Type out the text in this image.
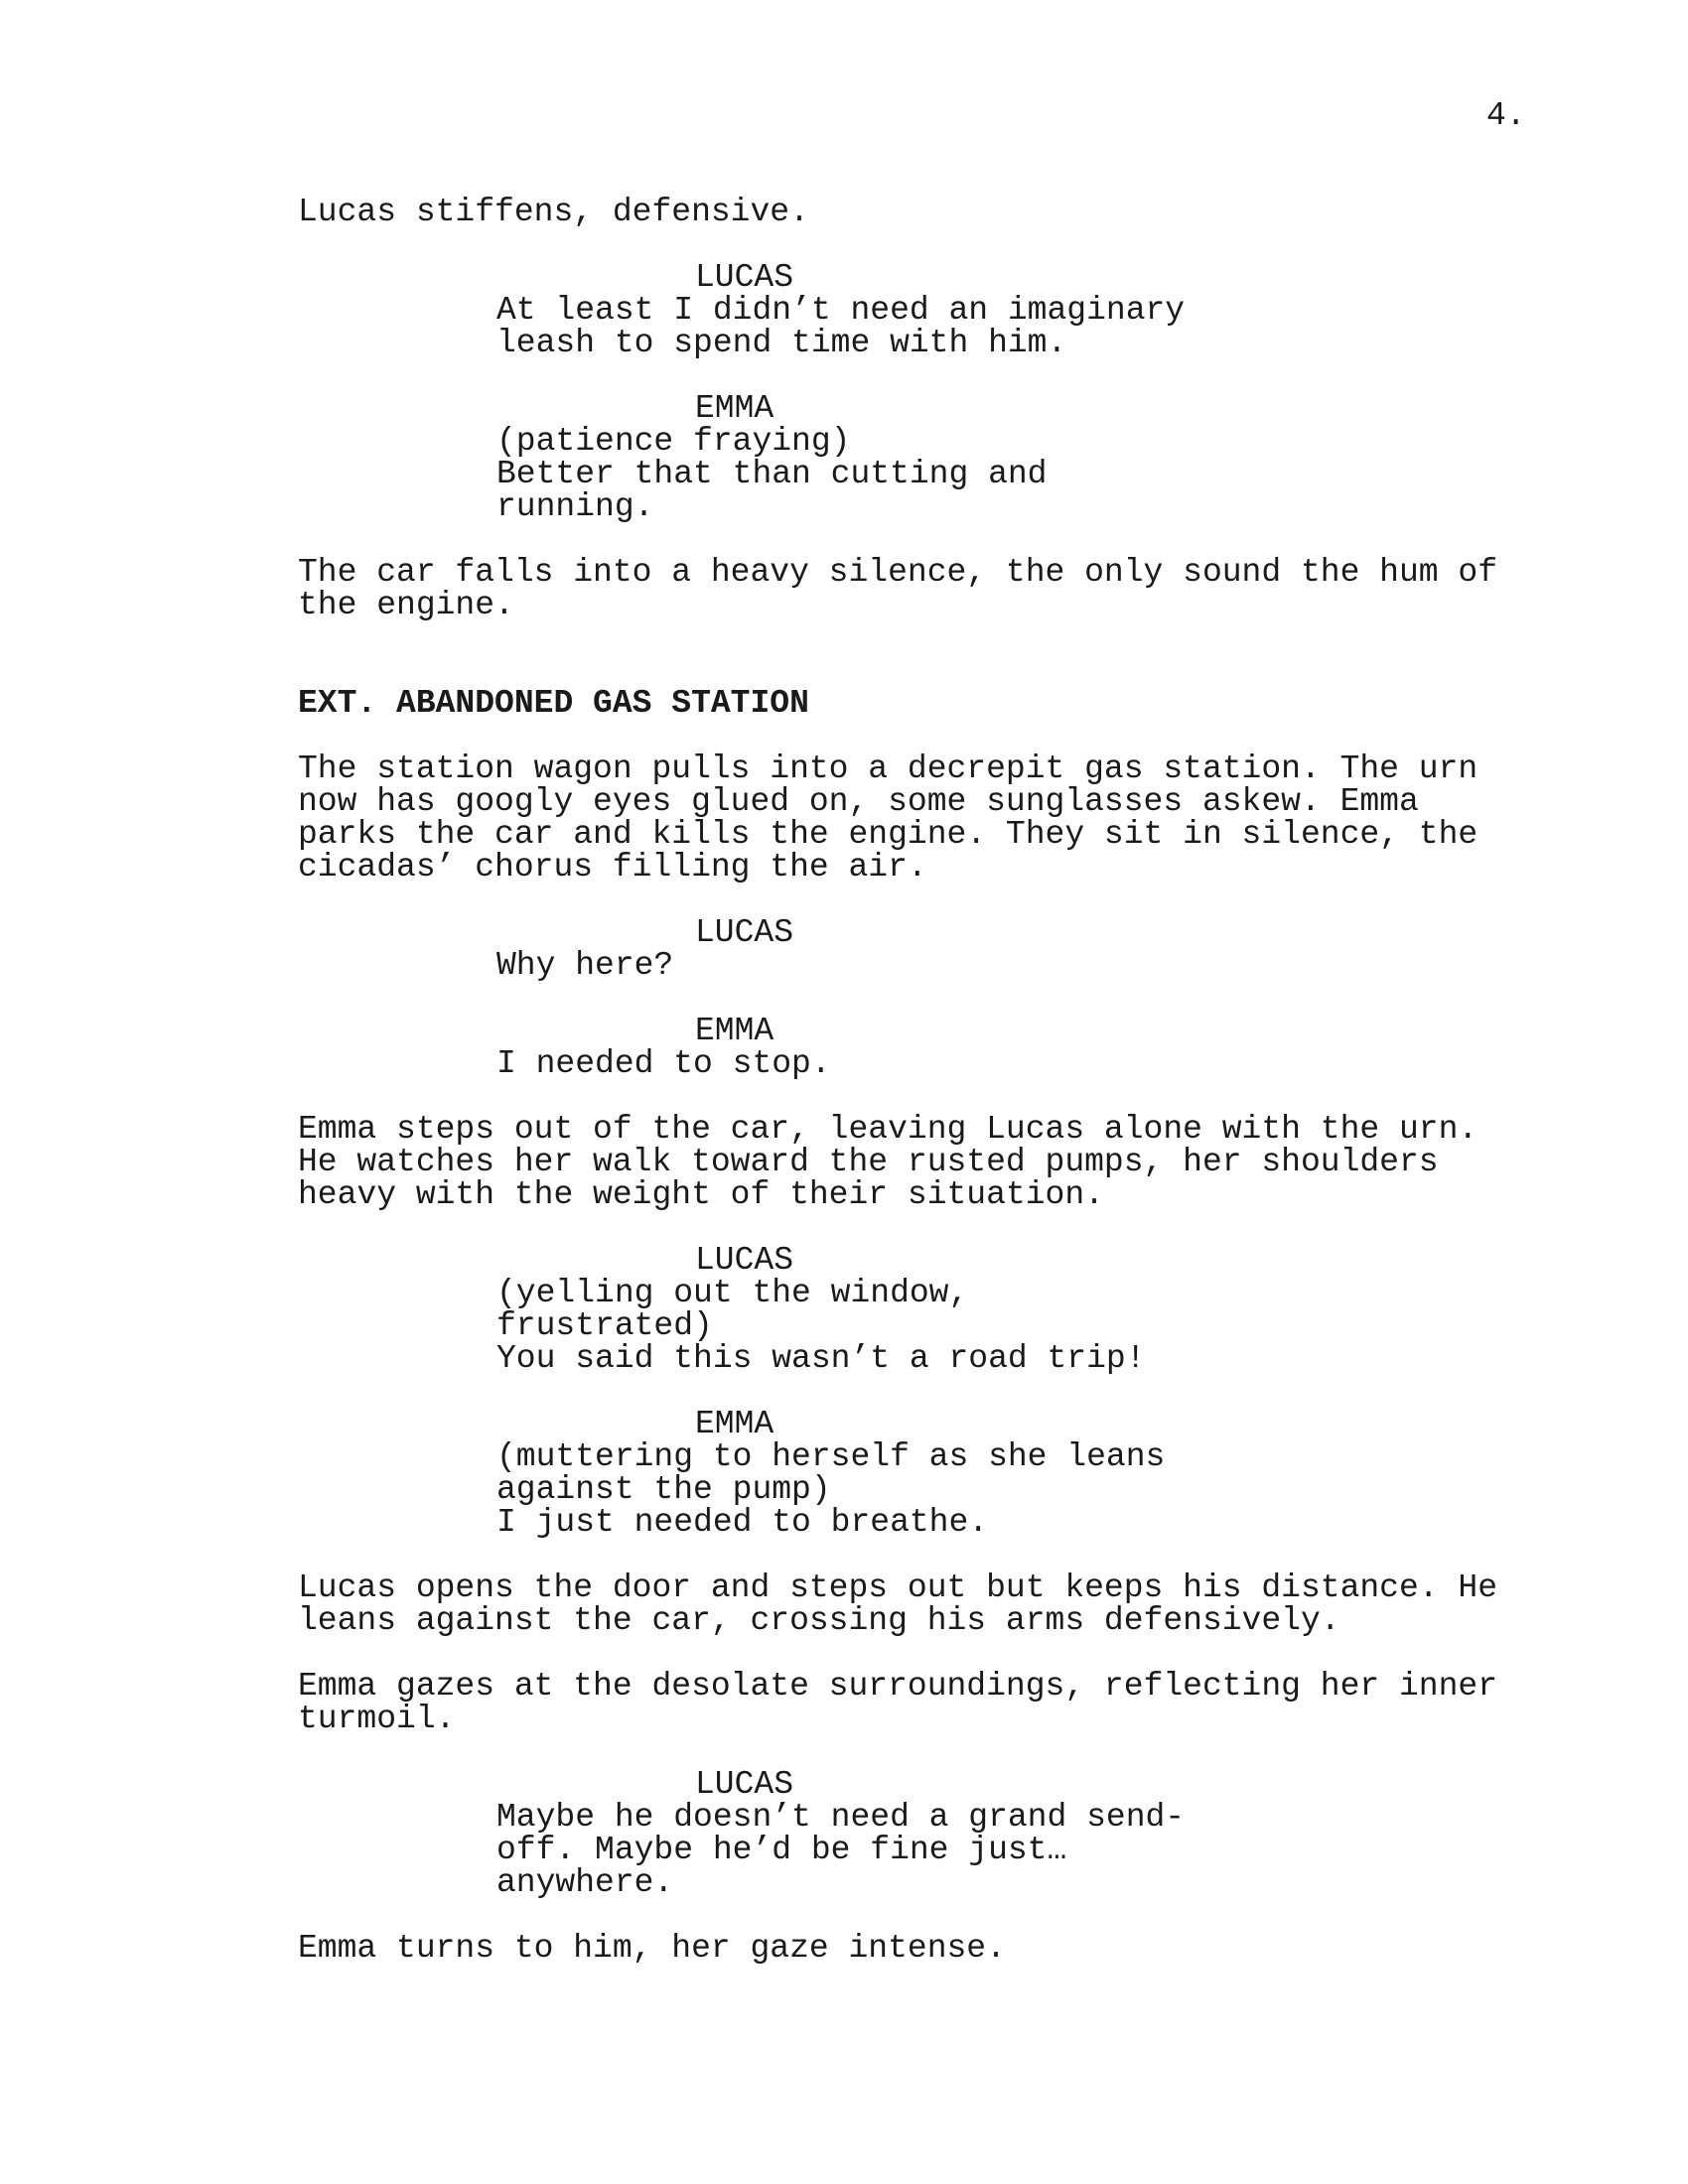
4.
Lucas stiffens, defensive.
LUCAS
At least I didn’t need an imaginary
leash to spend time with him.
EMMA
(patience fraying)
Better that than cutting and
running.
The car falls into a heavy silence, the only sound the hum of
the engine.
EXT. ABANDONED GAS STATION
The station wagon pulls into a decrepit gas station. The urn
now has googly eyes glued on, some sunglasses askew. Emma
parks the car and kills the engine. They sit in silence, the
cicadas’ chorus filling the air.
LUCAS
Why here?
EMMA
I needed to stop.
Emma steps out of the car, leaving Lucas alone with the urn.
He watches her walk toward the rusted pumps, her shoulders
heavy with the weight of their situation.
LUCAS
(yelling out the window,
frustrated)
You said this wasn’t a road trip!
EMMA
(muttering to herself as she leans
against the pump)
I just needed to breathe.
Lucas opens the door and steps out but keeps his distance. He
leans against the car, crossing his arms defensively.
Emma gazes at the desolate surroundings, reflecting her inner
turmoil.
LUCAS
Maybe he doesn’t need a grand send-
off. Maybe he’d be fine just…
anywhere.
Emma turns to him, her gaze intense.
